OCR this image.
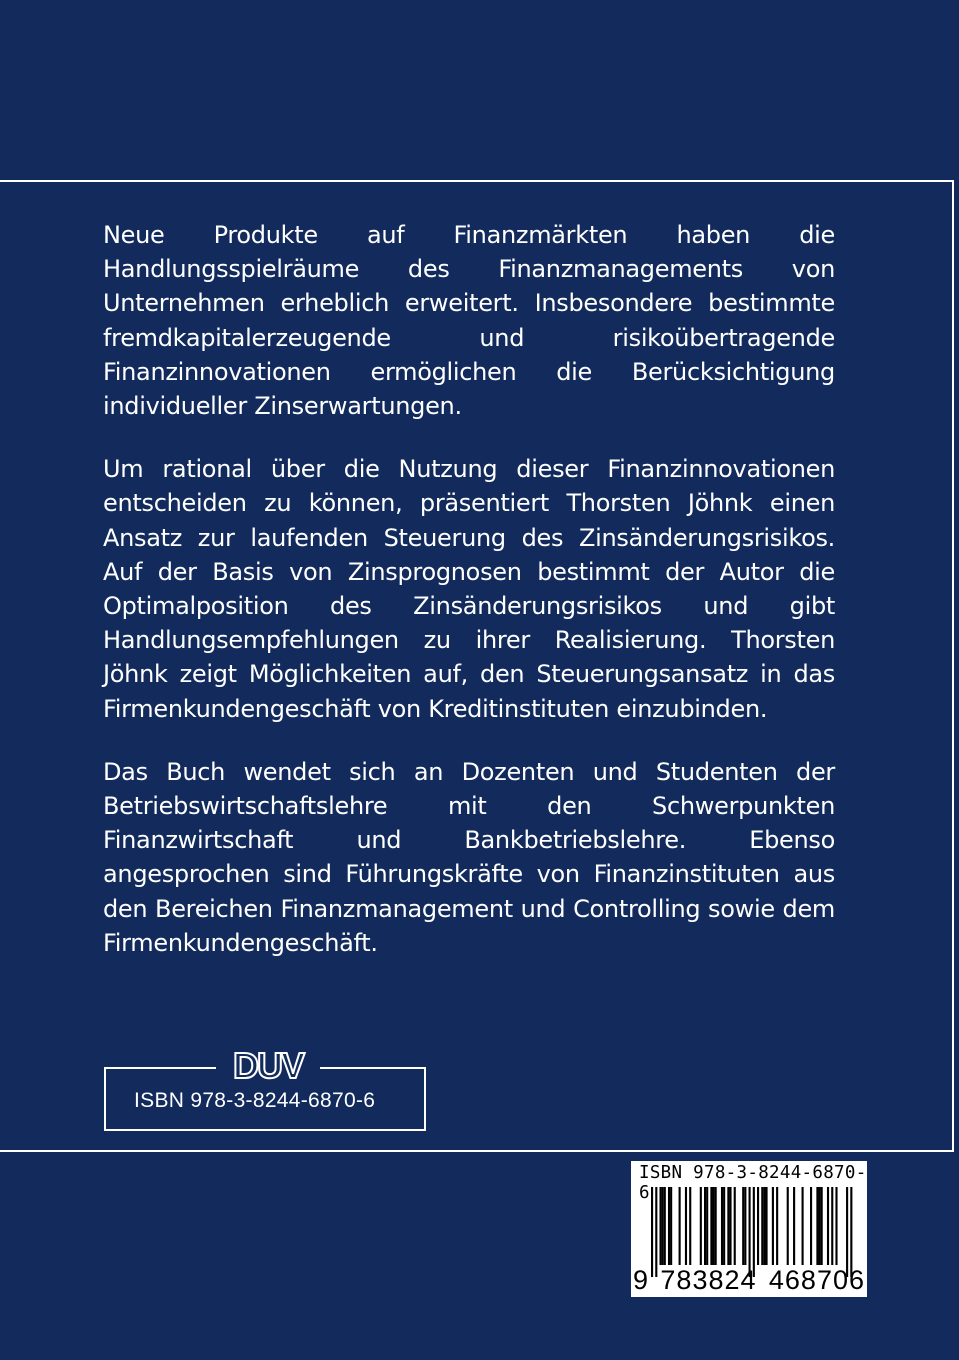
Neue Produkte auf Finanzmärkten haben die Handlungsspielräume des Finanzmanagements von Unternehmen erheblich erweitert. Insbesondere bestimmte fremdkapitalerzeugende und risikoübertragende Finanzinnovationen ermöglichen die Berücksichtigung individueller Zinserwartungen.

Um rational über die Nutzung dieser Finanzinnovationen entscheiden zu können, präsentiert Thorsten Jöhnk einen Ansatz zur laufenden Steuerung des Zinsänderungsrisikos. Auf der Basis von Zinsprognosen bestimmt der Autor die Optimalposition des Zinsänderungsrisikos und gibt Handlungsempfehlungen zu ihrer Realisierung. Thorsten Jöhnk zeigt Möglichkeiten auf, den Steuerungsansatz in das Firmenkundengeschäft von Kreditinstituten einzubinden.

Das Buch wendet sich an Dozenten und Studenten der Betriebswirtschaftslehre mit den Schwerpunkten Finanzwirtschaft und Bankbetriebslehre. Ebenso angesprochen sind Führungskräfte von Finanzinstituten aus den Bereichen Finanzmanagement und Controlling sowie dem Firmenkundengeschäft.

ISBN 978-3-8244-6870-6
DUV
ISBN 978-3-8244-6870-6
9 783824 468706
